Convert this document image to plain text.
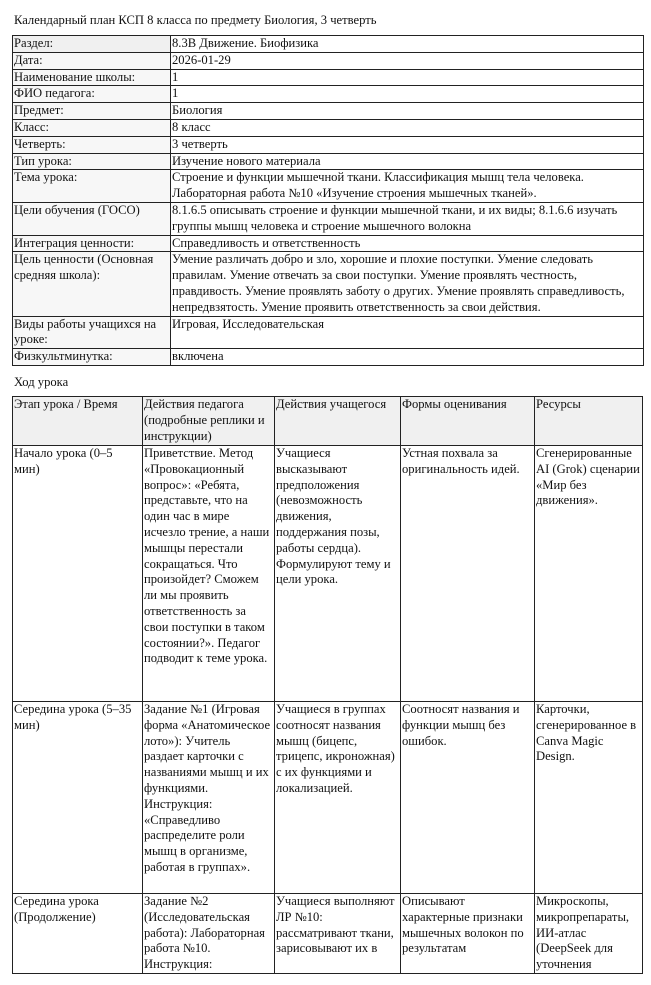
Календарный план КСП 8 класса по предмету Биология, 3 четверть
Раздел:	8.3В Движение. Биофизика
Дата:	2026-01-29
Наименование школы:	1
ФИО педагога:	1
Предмет:	Биология
Класс:	8 класс
Четверть:	3 четверть
Тип урока:	Изучение нового материала
Тема урока:	Строение и функции мышечной ткани. Классификация мышц тела человека. Лабораторная работа №10 «Изучение строения мышечных тканей».
Цели обучения (ГОСО)	8.1.6.5 описывать строение и функции мышечной ткани, и их виды; 8.1.6.6 изучать группы мышц человека и строение мышечного волокна
Интеграция ценности:	Справедливость и ответственность
Цель ценности (Основная средняя школа):	Умение различать добро и зло, хорошие и плохие поступки. Умение следовать правилам. Умение отвечать за свои поступки. Умение проявлять честность, правдивость. Умение проявлять заботу о других. Умение проявлять справедливость, непредвзятость. Умение проявить ответственность за свои действия.
Виды работы учащихся на уроке:	Игровая, Исследовательская
Физкультминутка:	включена
Ход урока
Этап урока / Время	Действия педагога (подробные реплики и инструкции)	Действия учащегося	Формы оценивания	Ресурсы
Начало урока (0–5 мин)	Приветствие. Метод «Провокационный вопрос»: «Ребята, представьте, что на один час в мире исчезло трение, а наши мышцы перестали сокращаться. Что произойдет? Сможем ли мы проявить ответственность за свои поступки в таком состоянии?». Педагог подводит к теме урока.	Учащиеся высказывают предположения (невозможность движения, поддержания позы, работы сердца). Формулируют тему и цели урока.	Устная похвала за оригинальность идей.	Сгенерированные AI (Grok) сценарии «Мир без движения».
Середина урока (5–35 мин)	Задание №1 (Игровая форма «Анатомическое лото»): Учитель раздает карточки с названиями мышц и их функциями. Инструкция: «Справедливо распределите роли мышц в организме, работая в группах».	Учащиеся в группах соотносят названия мышц (бицепс, трицепс, икроножная) с их функциями и локализацией.	Соотносят названия и функции мышц без ошибок.	Карточки, сгенерированное в Canva Magic Design.
Середина урока (Продолжение)	Задание №2 (Исследовательская работа): Лабораторная работа №10. Инструкция:	Учащиеся выполняют ЛР №10: рассматривают ткани, зарисовывают их в	Описывают характерные признаки мышечных волокон по результатам	Микроскопы, микропрепараты, ИИ-атлас (DeepSeek для уточнения
